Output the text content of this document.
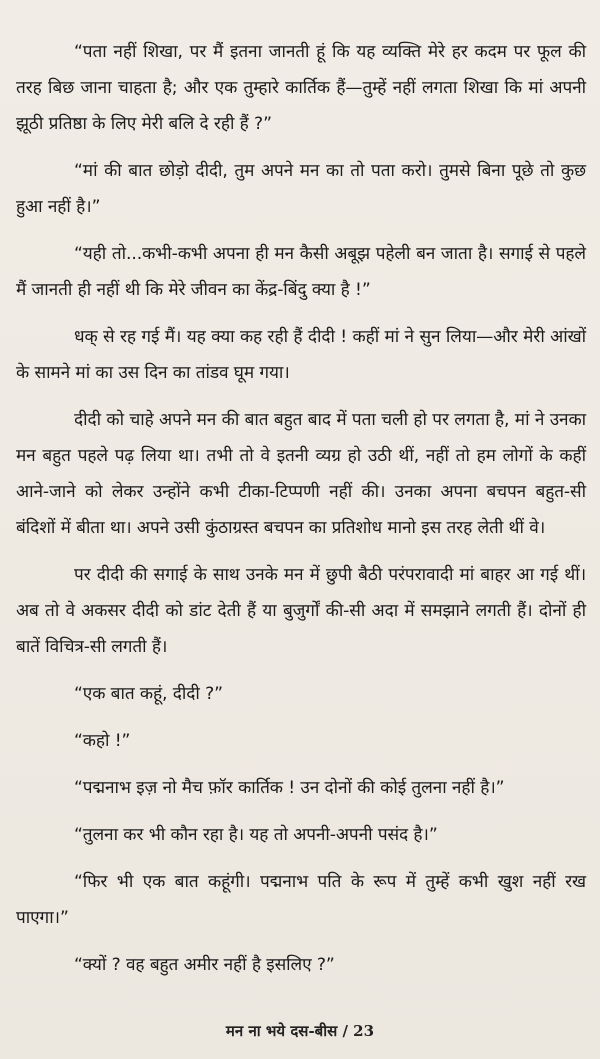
“पता नहीं शिखा, पर मैं इतना जानती हूं कि यह व्यक्ति मेरे हर कदम पर फूल की तरह बिछ जाना चाहता है; और एक तुम्हारे कार्तिक हैं—तुम्हें नहीं लगता शिखा कि मां अपनी झूठी प्रतिष्ठा के लिए मेरी बलि दे रही हैं ?”

“मां की बात छोड़ो दीदी, तुम अपने मन का तो पता करो। तुमसे बिना पूछे तो कुछ हुआ नहीं है।”

“यही तो...कभी-कभी अपना ही मन कैसी अबूझ पहेली बन जाता है। सगाई से पहले मैं जानती ही नहीं थी कि मेरे जीवन का केंद्र-बिंदु क्या है !”

धक् से रह गई मैं। यह क्या कह रही हैं दीदी ! कहीं मां ने सुन लिया—और मेरी आंखों के सामने मां का उस दिन का तांडव घूम गया।

दीदी को चाहे अपने मन की बात बहुत बाद में पता चली हो पर लगता है, मां ने उनका मन बहुत पहले पढ़ लिया था। तभी तो वे इतनी व्यग्र हो उठी थीं, नहीं तो हम लोगों के कहीं आने-जाने को लेकर उन्होंने कभी टीका-टिप्पणी नहीं की। उनका अपना बचपन बहुत-सी बंदिशों में बीता था। अपने उसी कुंठाग्रस्त बचपन का प्रतिशोध मानो इस तरह लेती थीं वे।

पर दीदी की सगाई के साथ उनके मन में छुपी बैठी परंपरावादी मां बाहर आ गई थीं। अब तो वे अकसर दीदी को डांट देती हैं या बुजुर्गों की-सी अदा में समझाने लगती हैं। दोनों ही बातें विचित्र-सी लगती हैं।

“एक बात कहूं, दीदी ?”

“कहो !”

“पद्मनाभ इज़ नो मैच फ़ॉर कार्तिक ! उन दोनों की कोई तुलना नहीं है।”

“तुलना कर भी कौन रहा है। यह तो अपनी-अपनी पसंद है।”

“फिर भी एक बात कहूंगी। पद्मनाभ पति के रूप में तुम्हें कभी खुश नहीं रख पाएगा।”

“क्यों ? वह बहुत अमीर नहीं है इसलिए ?”

मन ना भये दस-बीस / 23
